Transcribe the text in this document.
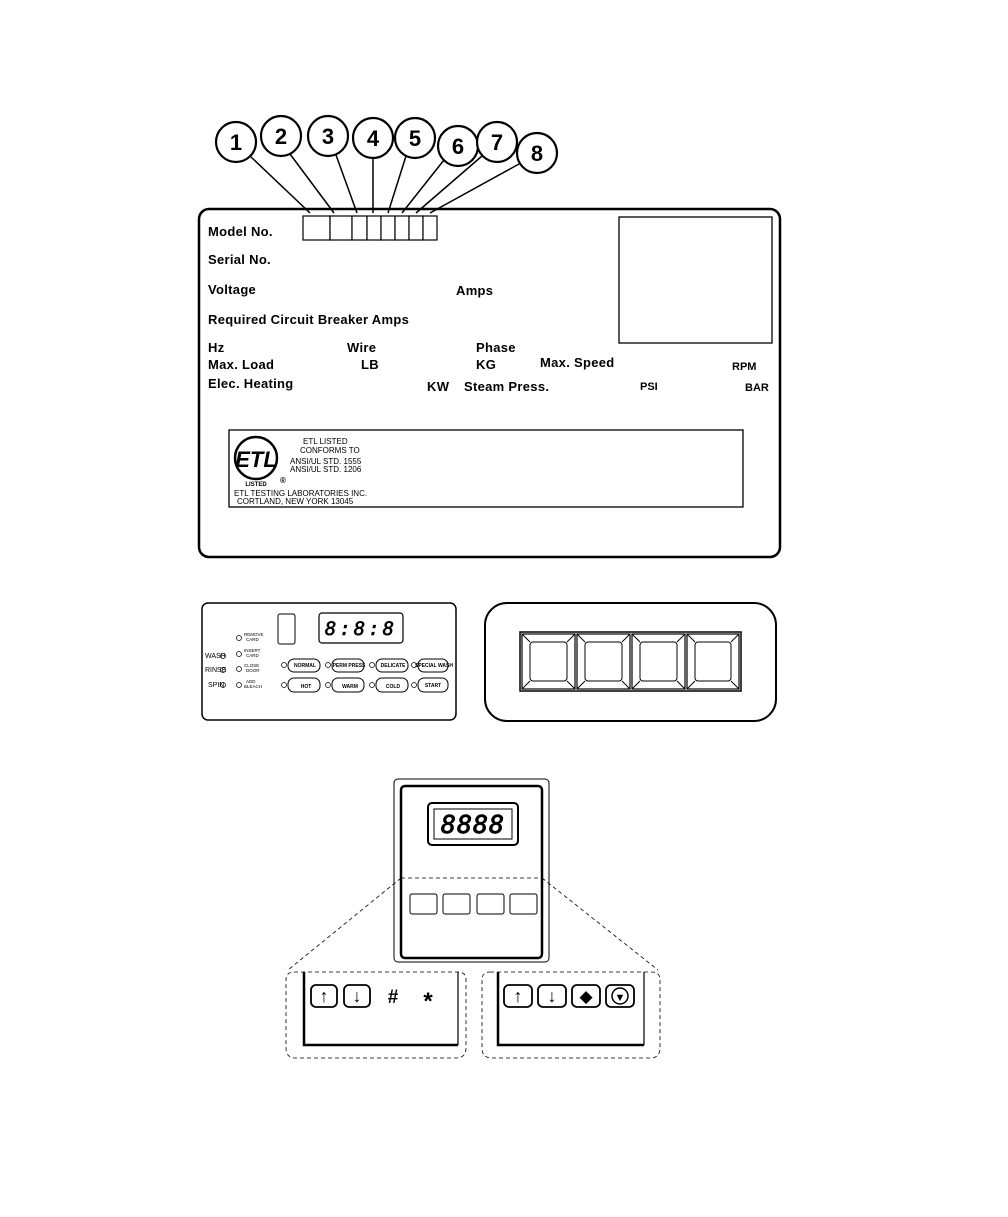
1 2 3 4 5 6 7 8
Model No.
Serial No.
Voltage	Amps
Required Circuit Breaker Amps
Hz	Wire	Phase
Max. Load	LB	KG	Max. Speed	RPM
Elec. Heating	KW Steam Press.	PSI	BAR
ETL
LISTED ®
ETL LISTED
CONFORMS TO
ANSI/UL STD. 1555
ANSI/UL STD. 1206
ETL TESTING LABORATORIES INC.
CORTLAND, NEW YORK 13045
8:8:8
WASH
RINSE
SPIN
REMOVE
CARD
INSERT
CARD
CLOSE
DOOR
ADD
BLEACH
NORMAL	PERM PRESS	DELICATE SPECIAL WASH
HOT	WARM	COLD	START
8888
↑ ↓ # *	↑ ↓ ◆ ▼
